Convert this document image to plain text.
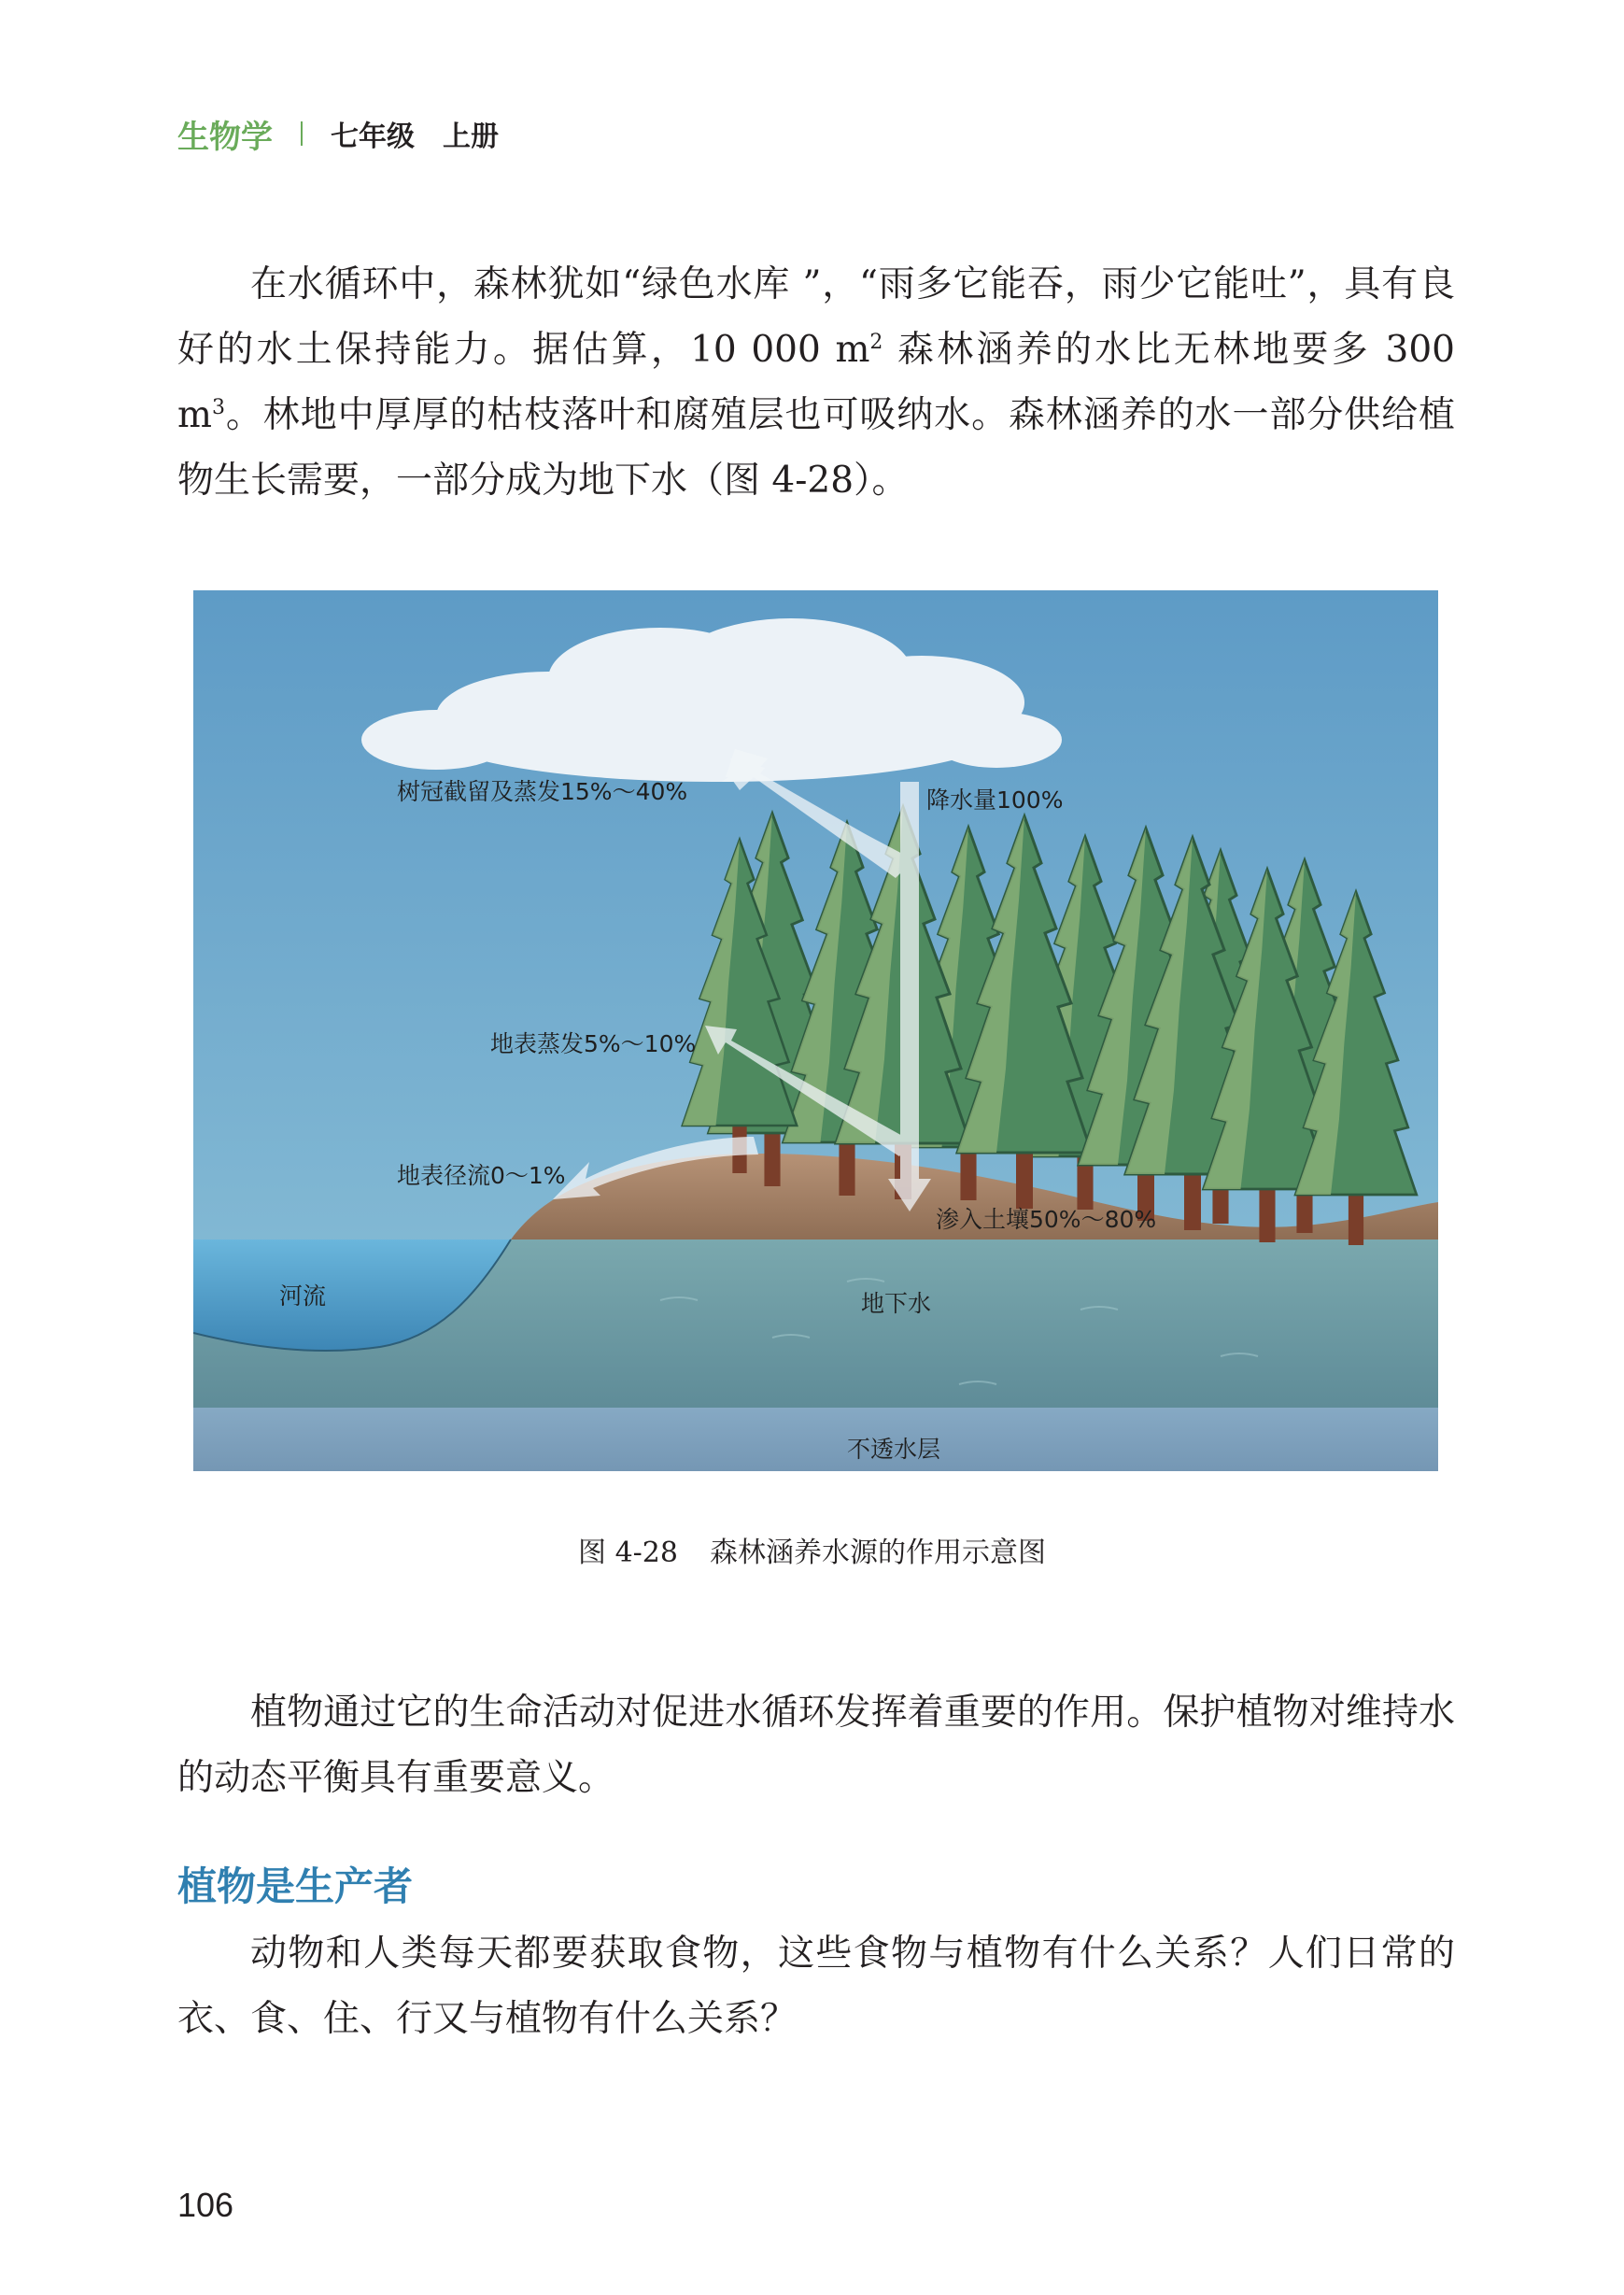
生物学 七年级 上册

在水循环中，森林犹如“绿色水库 ”，“雨多它能吞，雨少它能吐”，具有良好的水土保持能力。据估算，10 000 $m^2$ 森林涵养的水比无林地要多 300 $m^3$。林地中厚厚的枯枝落叶和腐殖层也可吸纳水。森林涵养的水一部分供给植物生长需要，一部分成为地下水（图 4-28）。

树冠截留及蒸发15%～40%	降水量100%
地表蒸发5%～10%
地表径流0～1%
渗入土壤50%～80%
河流	地下水
不透水层
图 4-28 森林涵养水源的作用示意图

植物通过它的生命活动对促进水循环发挥着重要的作用。保护植物对维持水的动态平衡具有重要意义。

植物是生产者

动物和人类每天都要获取食物，这些食物与植物有什么关系？人们日常的衣、食、住、行又与植物有什么关系？

106
